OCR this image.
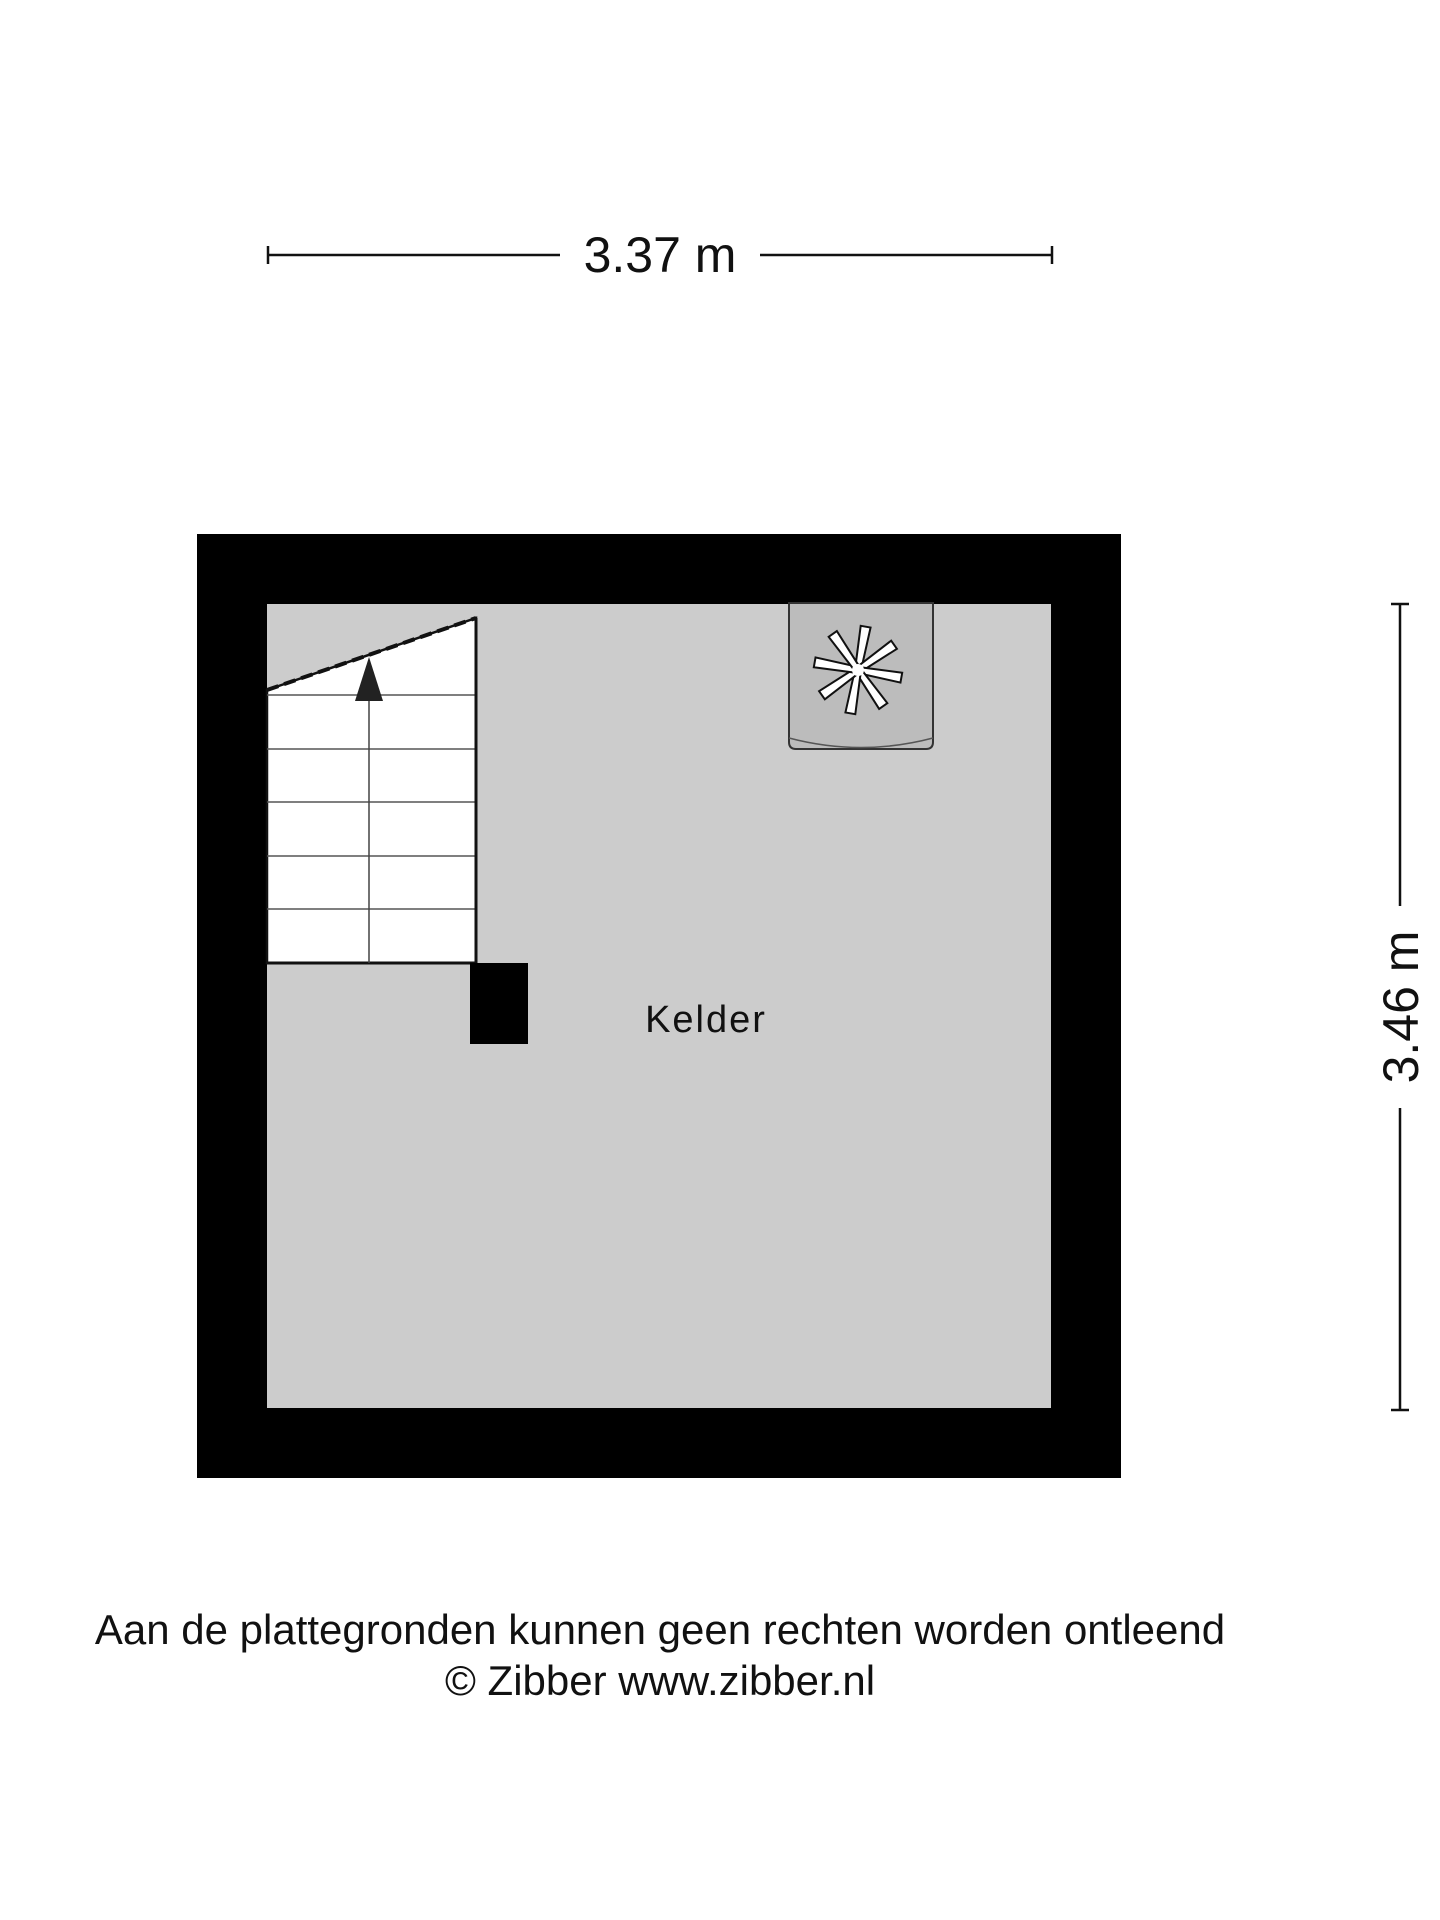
3.37 m
3.46 m
Kelder
Aan de plattegronden kunnen geen rechten worden ontleend
© Zibber www.zibber.nl
